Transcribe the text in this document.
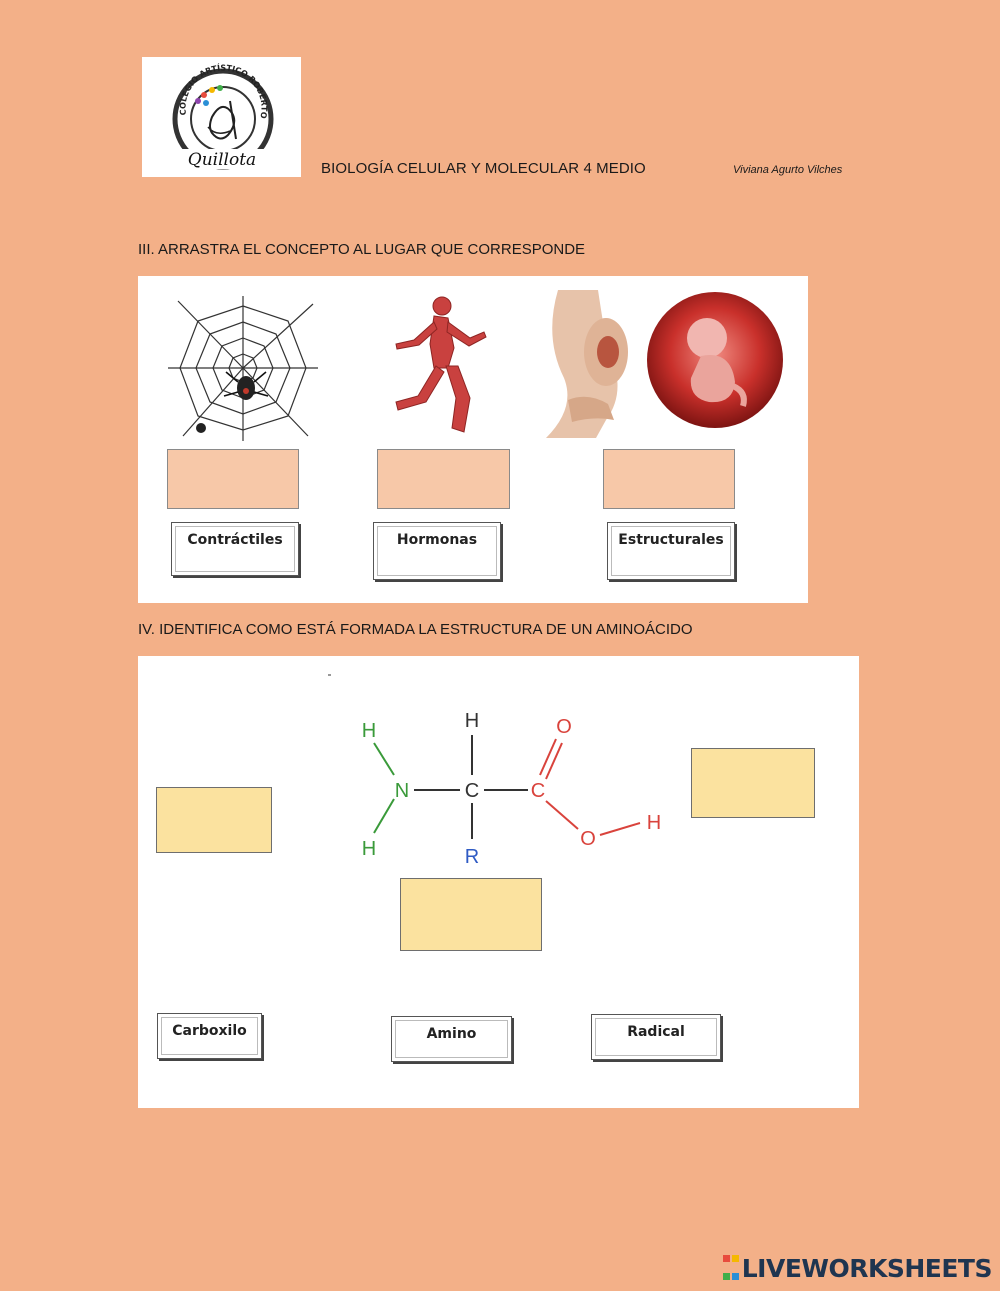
COLEGIO ARTÍSTICO ROBERTO
Quillota	BIOLOGÍA CELULAR Y MOLECULAR 4 MEDIO	Viviana Agurto Vilches
III. ARRASTRA EL CONCEPTO AL LUGAR QUE CORRESPONDE
Contráctiles	Hormonas	Estructurales
IV. IDENTIFICA COMO ESTÁ FORMADA LA ESTRUCTURA DE UN AMINOÁCIDO
H
N
H
H
C
R
C
O
O
H
Carboxilo	Amino	Radical
LIVEWORKSHEETS
